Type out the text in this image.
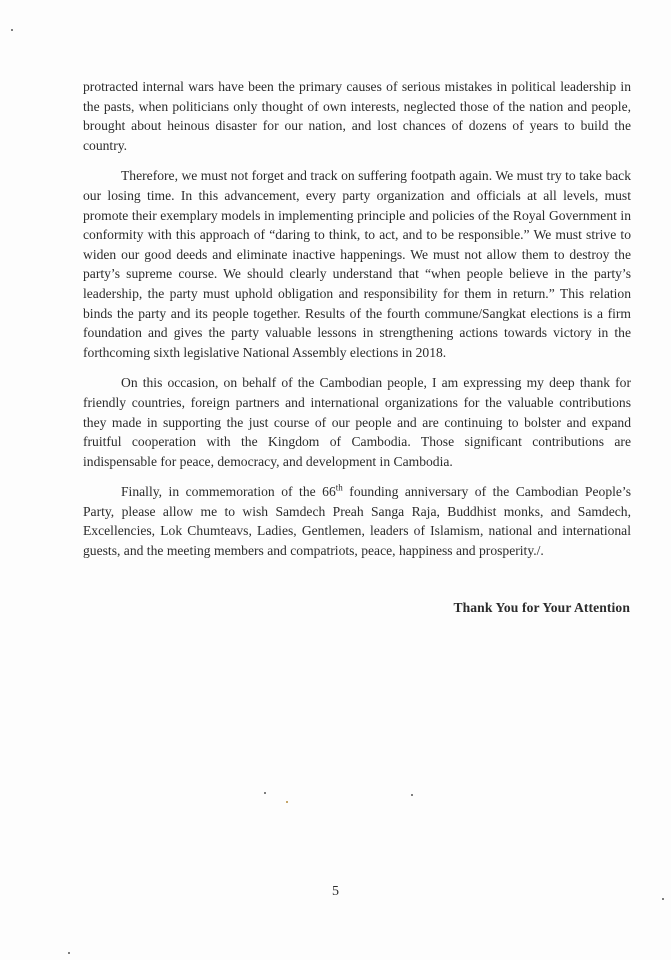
protracted internal wars have been the primary causes of serious mistakes in political leadership in the pasts, when politicians only thought of own interests, neglected those of the nation and people, brought about heinous disaster for our nation, and lost chances of dozens of years to build the country.

Therefore, we must not forget and track on suffering footpath again. We must try to take back our losing time. In this advancement, every party organization and officials at all levels, must promote their exemplary models in implementing principle and policies of the Royal Government in conformity with this approach of “daring to think, to act, and to be responsible.” We must strive to widen our good deeds and eliminate inactive happenings. We must not allow them to destroy the party’s supreme course. We should clearly understand that “when people believe in the party’s leadership, the party must uphold obligation and responsibility for them in return.” This relation binds the party and its people together. Results of the fourth commune/Sangkat elections is a firm foundation and gives the party valuable lessons in strengthening actions towards victory in the forthcoming sixth legislative National Assembly elections in 2018.

On this occasion, on behalf of the Cambodian people, I am expressing my deep thank for friendly countries, foreign partners and international organizations for the valuable contributions they made in supporting the just course of our people and are continuing to bolster and expand fruitful cooperation with the Kingdom of Cambodia. Those significant contributions are indispensable for peace, democracy, and development in Cambodia.

Finally, in commemoration of the 66th founding anniversary of the Cambodian People’s Party, please allow me to wish Samdech Preah Sanga Raja, Buddhist monks, and Samdech, Excellencies, Lok Chumteavs, Ladies, Gentlemen, leaders of Islamism, national and international guests, and the meeting members and compatriots, peace, happiness and prosperity./.

Thank You for Your Attention
5
